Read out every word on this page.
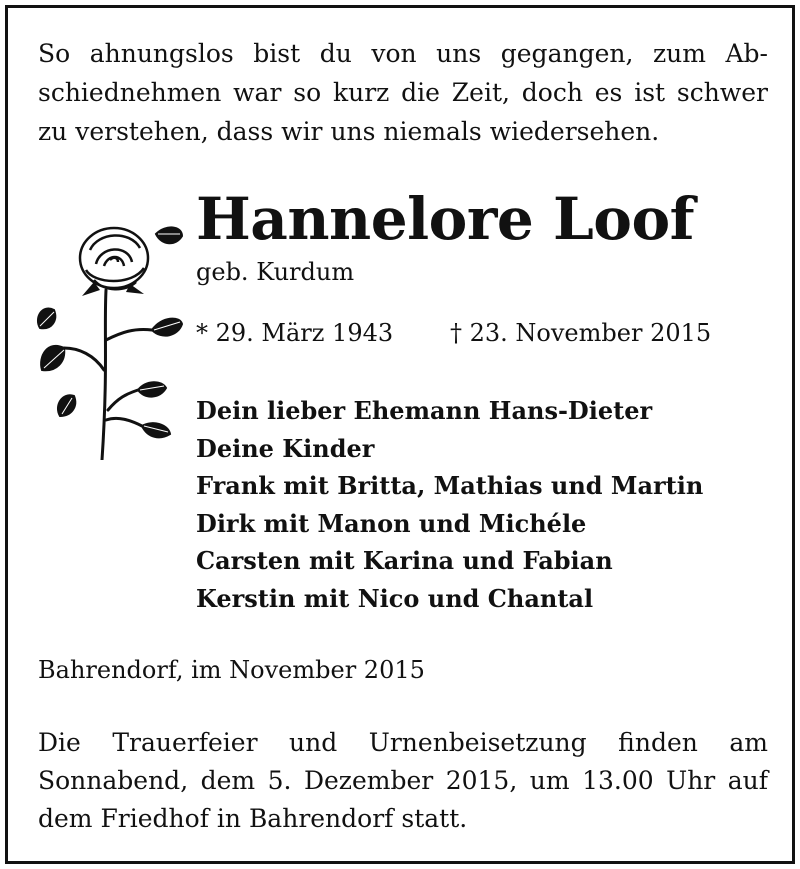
So ahnungslos bist du von uns gegangen, zum Ab-
schiednehmen war so kurz die Zeit, doch es ist schwer
zu verstehen, dass wir uns niemals wiedersehen.
Hannelore Loof
geb. Kurdum
* 29. März 1943 † 23. November 2015
Dein lieber Ehemann Hans-Dieter
Deine Kinder
Frank mit Britta, Mathias und Martin
Dirk mit Manon und Michéle
Carsten mit Karina und Fabian
Kerstin mit Nico und Chantal
Bahrendorf, im November 2015
Die Trauerfeier und Urnenbeisetzung finden am
Sonnabend, dem 5. Dezember 2015, um 13.00 Uhr auf
dem Friedhof in Bahrendorf statt.
